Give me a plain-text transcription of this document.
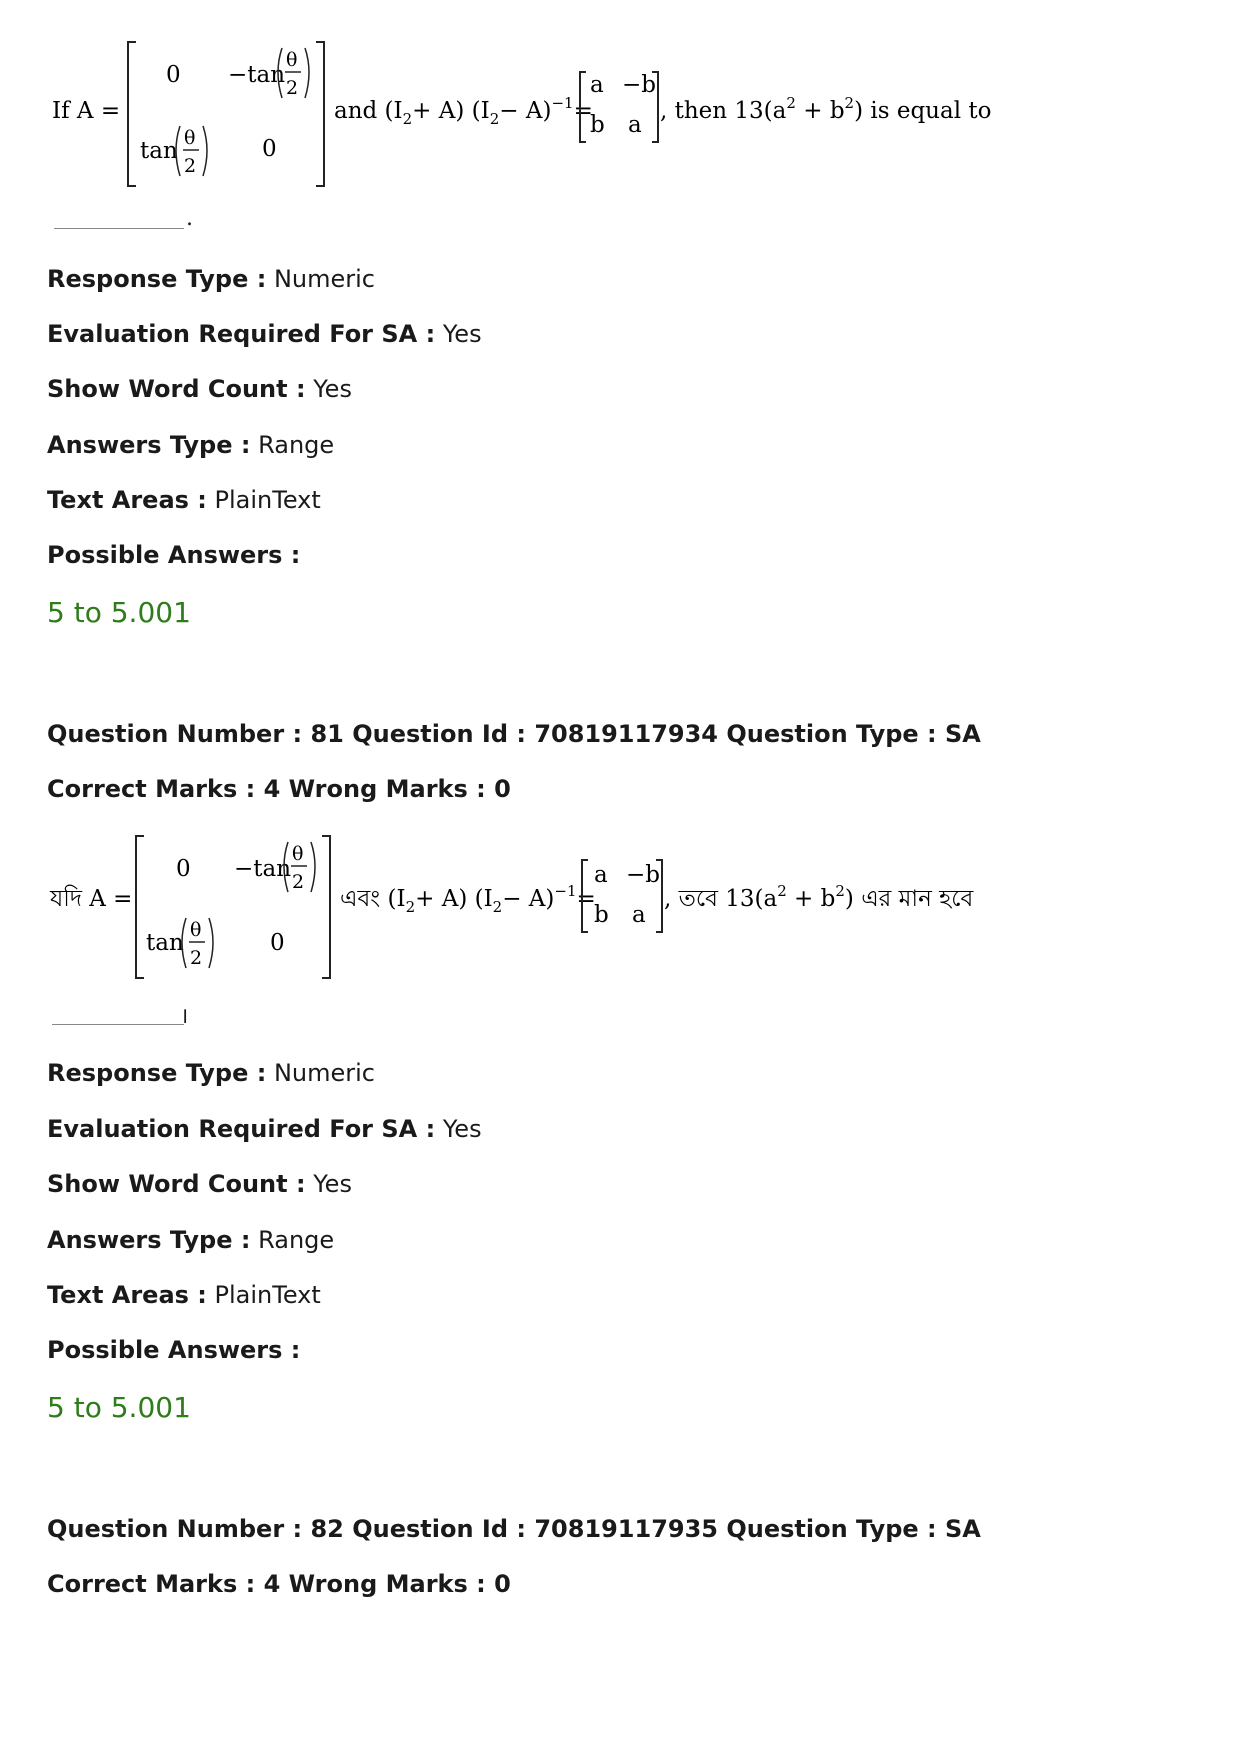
If A =
0 −tan
θ
2
tan θ
2
0
and $(I_2+ A)$ $(I_2- A)^{-1}=$
a −b
b a
, then $13(a^2 + b^2)$ is equal to
.
Response Type : Numeric
Evaluation Required For SA : Yes
Show Word Count : Yes
Answers Type : Range
Text Areas : PlainText
Possible Answers :
5 to 5.001
Question Number : 81 Question Id : 70819117934 Question Type : SA
Correct Marks : 4 Wrong Marks : 0
যদি A =
0 −tan
θ
2
tan θ
2
0
এবং $(I_2+ A)$ $(I_2- A)^{-1}=$
a −b
b a
, তবে $13(a^2 + b^2)$ এর মান হবে
।
Response Type : Numeric
Evaluation Required For SA : Yes
Show Word Count : Yes
Answers Type : Range
Text Areas : PlainText
Possible Answers :
5 to 5.001
Question Number : 82 Question Id : 70819117935 Question Type : SA
Correct Marks : 4 Wrong Marks : 0
